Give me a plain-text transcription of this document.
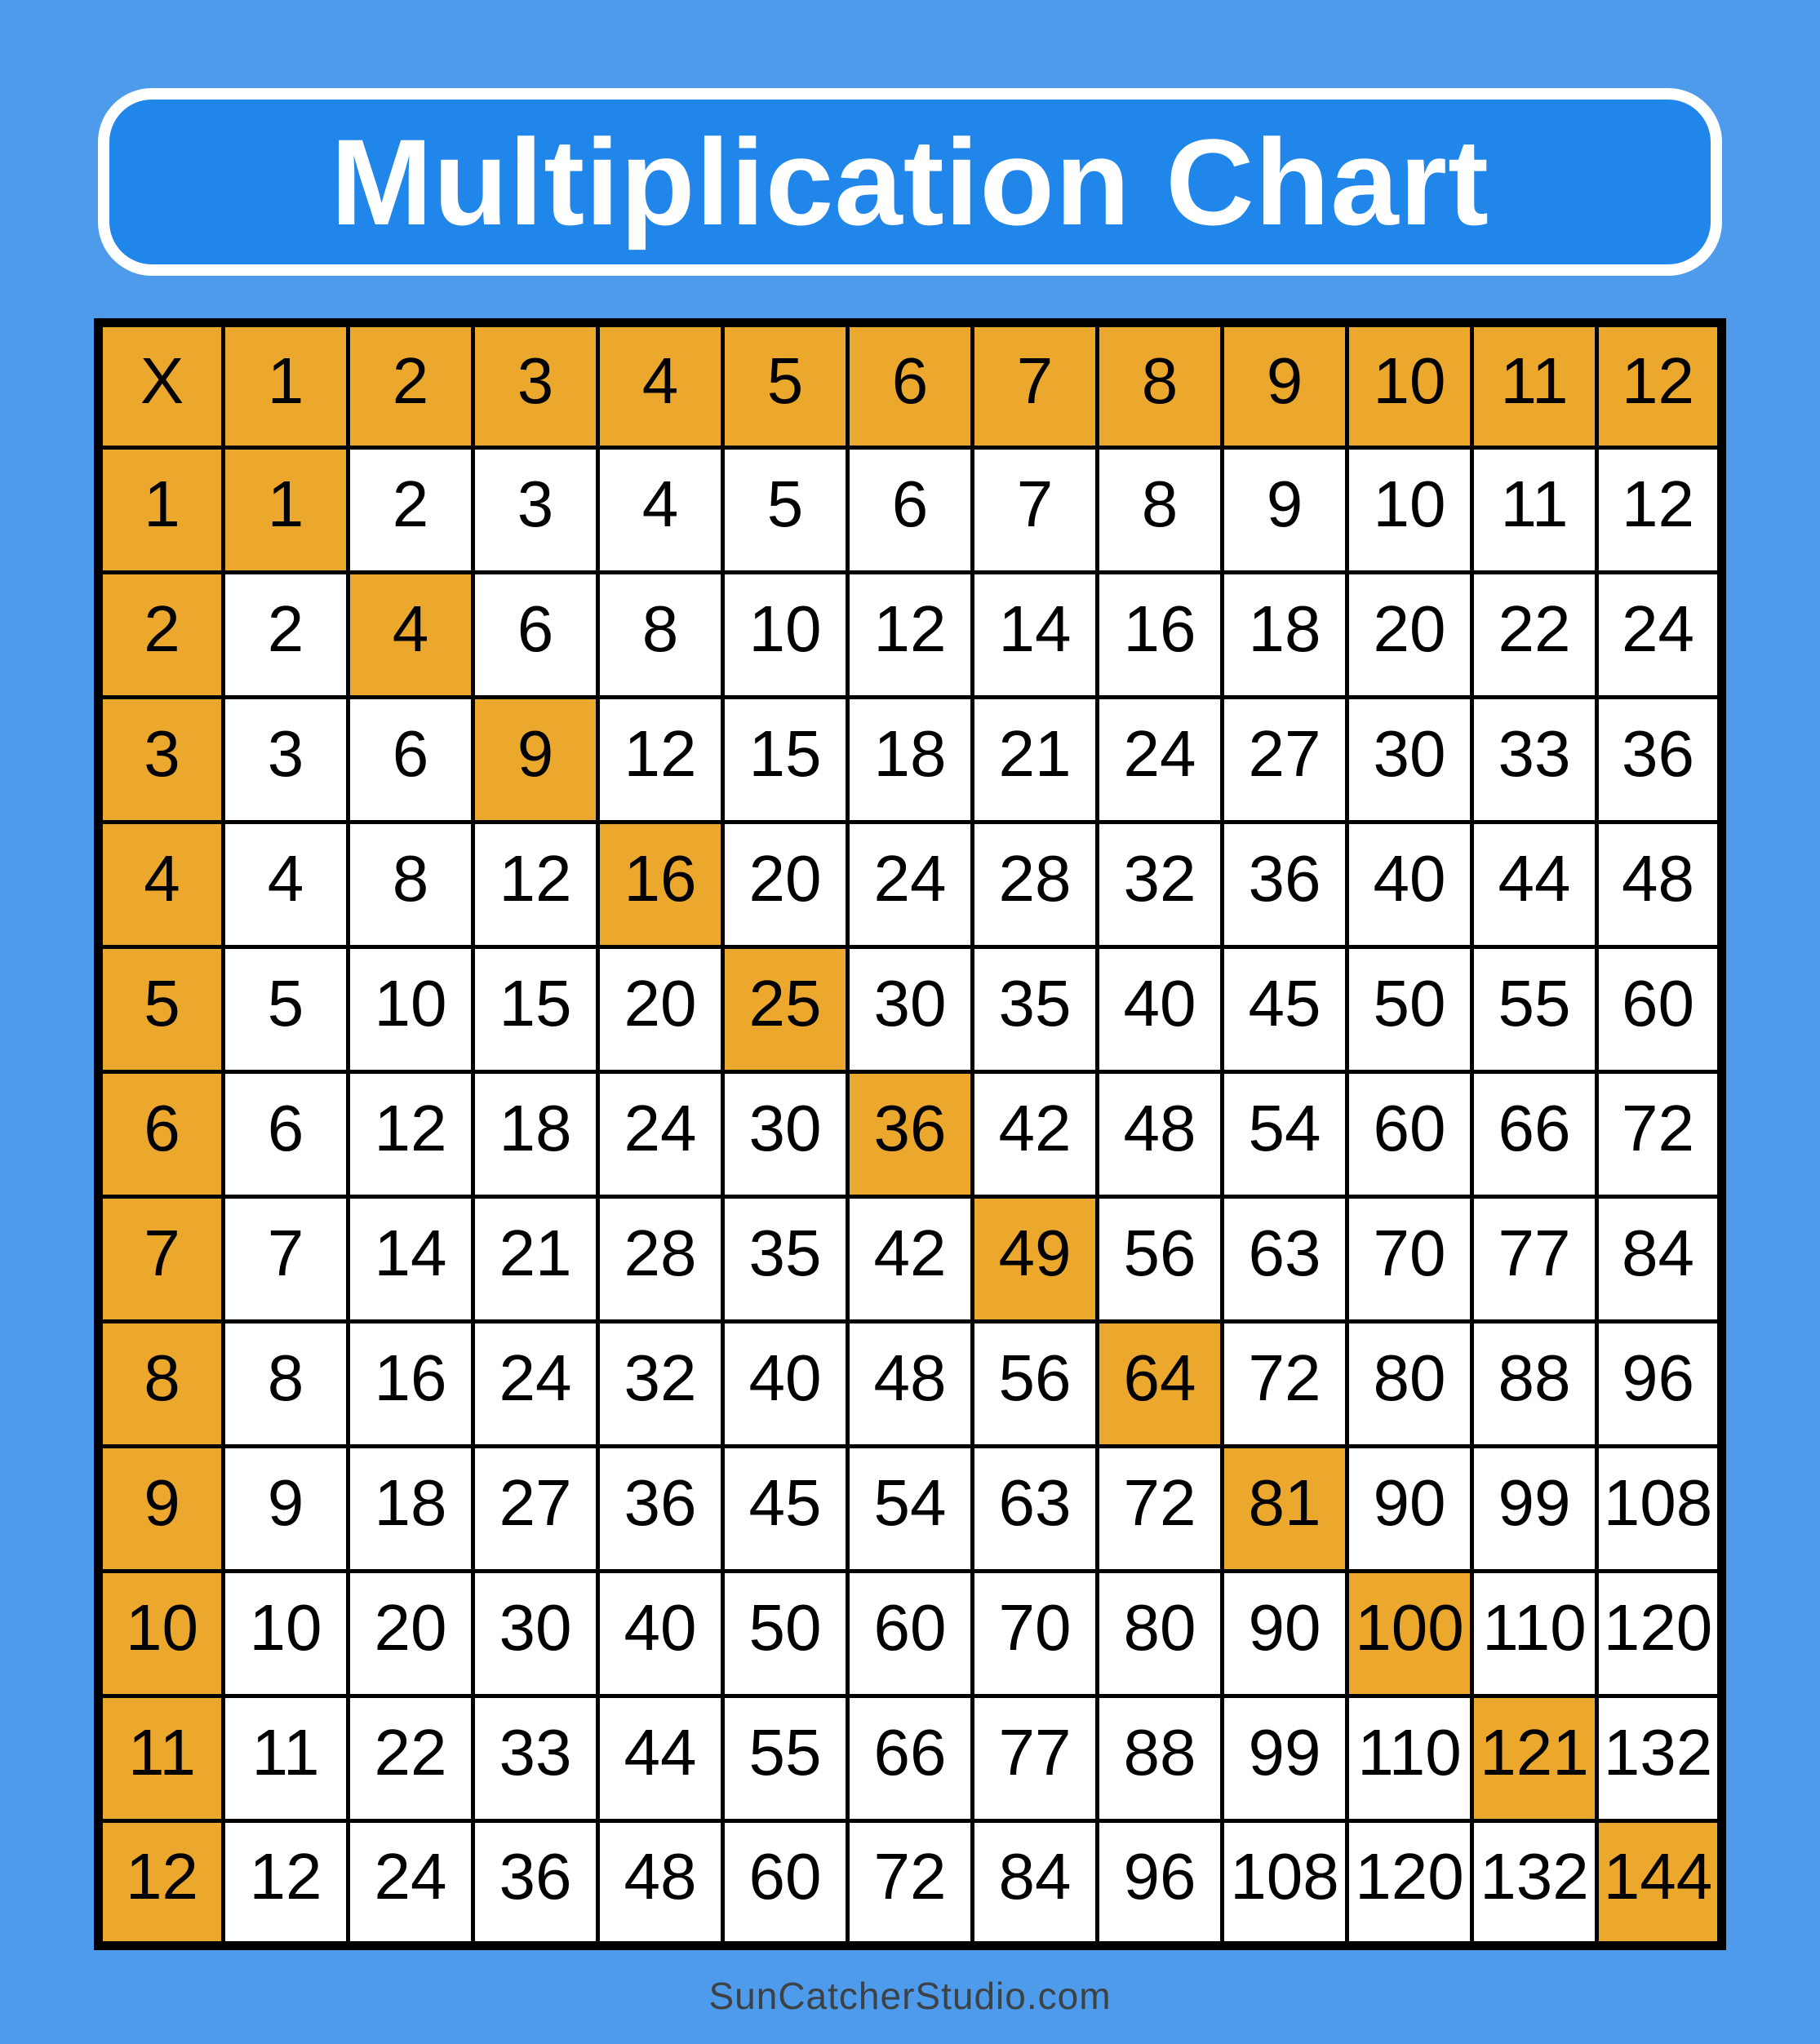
Multiplication Chart
X	1	2	3	4	5	6	7	8	9	10	11	12
1	1	2	3	4	5	6	7	8	9	10	11	12
2	2	4	6	8	10	12	14	16	18	20	22	24
3	3	6	9	12	15	18	21	24	27	30	33	36
4	4	8	12	16	20	24	28	32	36	40	44	48
5	5	10	15	20	25	30	35	40	45	50	55	60
6	6	12	18	24	30	36	42	48	54	60	66	72
7	7	14	21	28	35	42	49	56	63	70	77	84
8	8	16	24	32	40	48	56	64	72	80	88	96
9	9	18	27	36	45	54	63	72	81	90	99	108
10	10	20	30	40	50	60	70	80	90	100	110	120
11	11	22	33	44	55	66	77	88	99	110	121	132
12	12	24	36	48	60	72	84	96	108	120	132	144
SunCatcherStudio.com
